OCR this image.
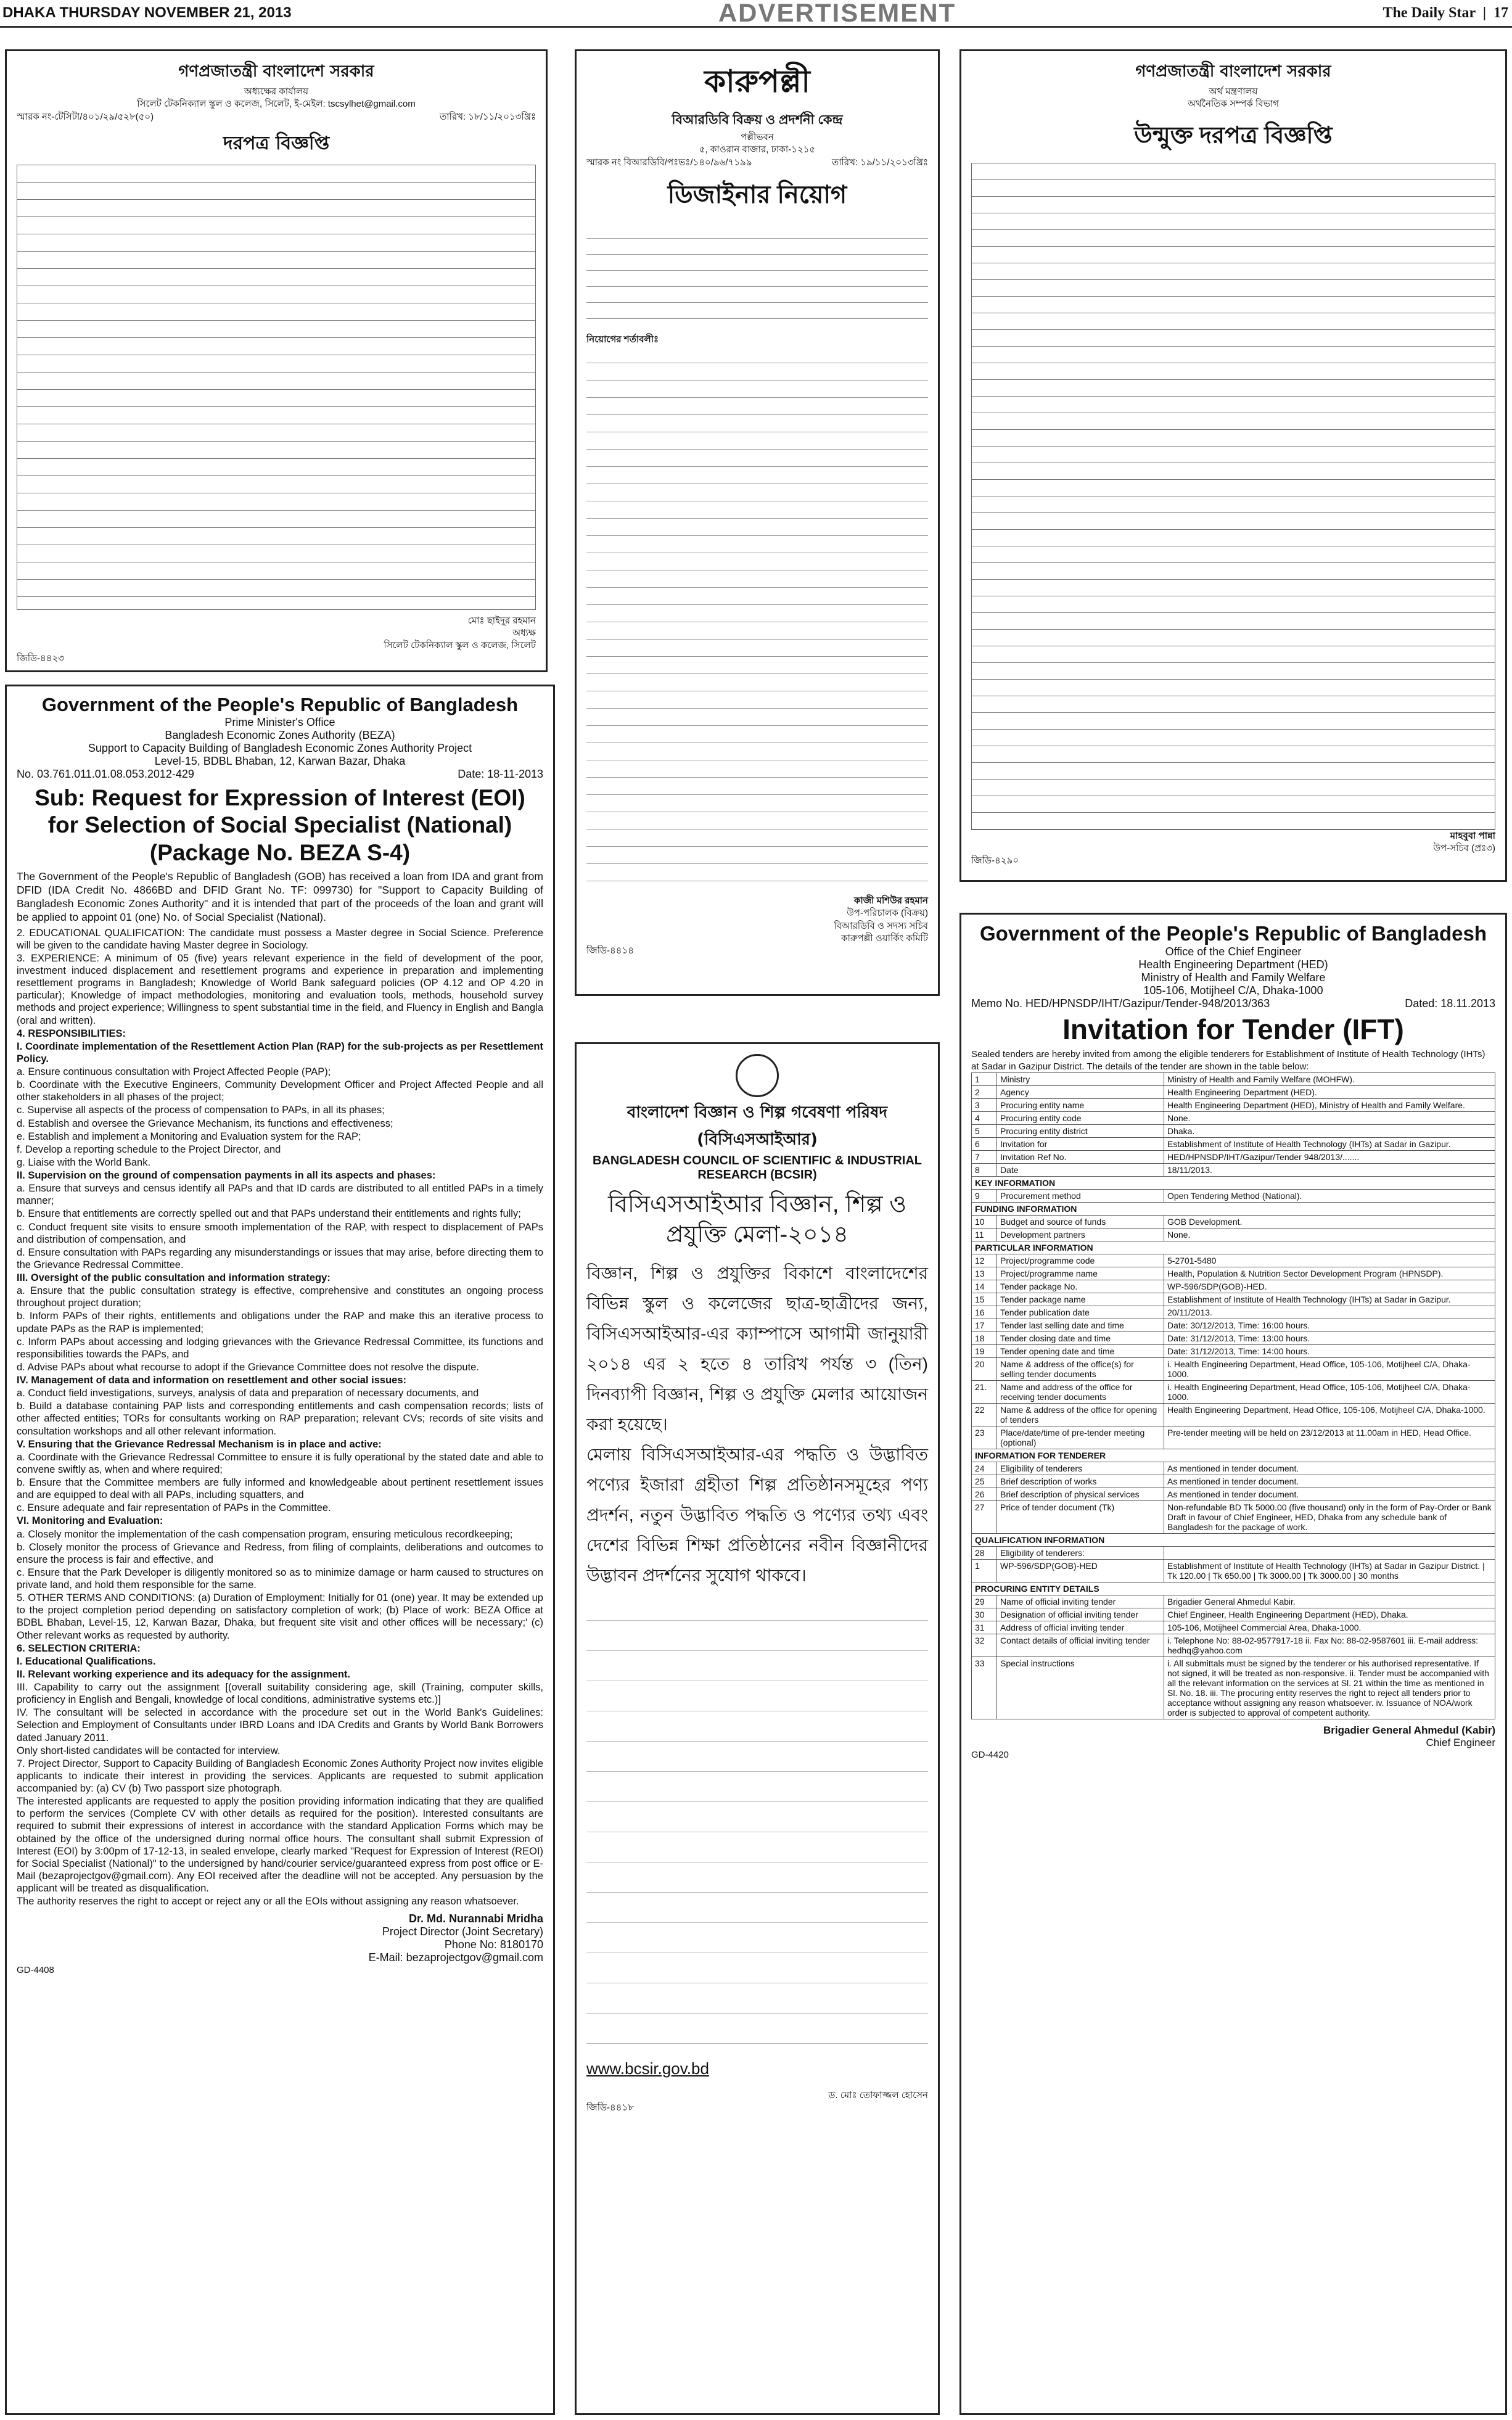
DHAKA THURSDAY NOVEMBER 21, 2013	ADVERTISEMENT	The Daily Star  |  17
গণপ্রজাতন্ত্রী বাংলাদেশ সরকার
অধ্যক্ষের কার্যালয়
সিলেট টেকনিক্যাল স্কুল ও কলেজ, সিলেট, ই-মেইল: tscsylhet@gmail.com
স্মারক নং-টেসিটা/৪০১/২৯/৫২৮(৫০)	তারিখ: ১৮/১১/২০১৩খ্রিঃ
দরপত্র বিজ্ঞপ্তি
মোঃ ছাইদুর রহমান
অধ্যক্ষ
সিলেট টেকনিক্যাল স্কুল ও কলেজ, সিলেট
জিডি-৪৪২৩
কারুপল্লী
বিআরডিবি বিক্রয় ও প্রদর্শনী কেন্দ্র
পল্লীভবন
৫, কাওরান বাজার, ঢাকা-১২১৫
স্মারক নং বিআরডিবি/পঃভঃ/১৪০/৯৬/৭১৯৯	তারিখ: ১৯/১১/২০১৩খ্রিঃ
ডিজাইনার নিয়োগ
নিয়োগের শর্তাবলীঃ
কাজী মশিউর রহমান
উপ-পরিচালক (বিক্রয়)
বিআরডিবি ও সদস্য সচিব
কারুপল্লী ওয়ার্কিং কমিটি
জিডি-৪৪১৪
গণপ্রজাতন্ত্রী বাংলাদেশ সরকার
অর্থ মন্ত্রণালয়
অর্থনৈতিক সম্পর্ক বিভাগ
উন্মুক্ত দরপত্র বিজ্ঞপ্তি
মাহবুবা পান্না
উপ-সচিব (প্রঃ৩)
জিডি-৪২৯০
Government of the People's Republic of Bangladesh
Prime Minister's Office
Bangladesh Economic Zones Authority (BEZA)
Support to Capacity Building of Bangladesh Economic Zones Authority Project
Level-15, BDBL Bhaban, 12, Karwan Bazar, Dhaka
No. 03.761.011.01.08.053.2012-429	Date: 18-11-2013
Sub: Request for Expression of Interest (EOI) for Selection of Social Specialist (National) (Package No. BEZA S-4)
The Government of the People's Republic of Bangladesh (GOB) has received a loan from IDA and grant from DFID (IDA Credit No. 4866BD and DFID Grant No. TF: 099730) for "Support to Capacity Building of Bangladesh Economic Zones Authority" and it is intended that part of the proceeds of the loan and grant will be applied to appoint 01 (one) No. of Social Specialist (National).
2. EDUCATIONAL QUALIFICATION: The candidate must possess a Master degree in Social Science. Preference will be given to the candidate having Master degree in Sociology.
3. EXPERIENCE: A minimum of 05 (five) years relevant experience in the field of development of the poor, investment induced displacement and resettlement programs and experience in preparation and implementing resettlement programs in Bangladesh; Knowledge of World Bank safeguard policies (OP 4.12 and OP 4.20 in particular); Knowledge of impact methodologies, monitoring and evaluation tools, methods, household survey methods and project experience; Willingness to spent substantial time in the field, and Fluency in English and Bangla (oral and written).
4. RESPONSIBILITIES:
I. Coordinate implementation of the Resettlement Action Plan (RAP) for the sub-projects as per Resettlement Policy.
a. Ensure continuous consultation with Project Affected People (PAP);
b. Coordinate with the Executive Engineers, Community Development Officer and Project Affected People and all other stakeholders in all phases of the project;
c. Supervise all aspects of the process of compensation to PAPs, in all its phases;
d. Establish and oversee the Grievance Mechanism, its functions and effectiveness;
e. Establish and implement a Monitoring and Evaluation system for the RAP;
f. Develop a reporting schedule to the Project Director, and
g. Liaise with the World Bank.
II. Supervision on the ground of compensation payments in all its aspects and phases:
a. Ensure that surveys and census identify all PAPs and that ID cards are distributed to all entitled PAPs in a timely manner;
b. Ensure that entitlements are correctly spelled out and that PAPs understand their entitlements and rights fully;
c. Conduct frequent site visits to ensure smooth implementation of the RAP, with respect to displacement of PAPs and distribution of compensation, and
d. Ensure consultation with PAPs regarding any misunderstandings or issues that may arise, before directing them to the Grievance Redressal Committee.
III. Oversight of the public consultation and information strategy:
a. Ensure that the public consultation strategy is effective, comprehensive and constitutes an ongoing process throughout project duration;
b. Inform PAPs of their rights, entitlements and obligations under the RAP and make this an iterative process to update PAPs as the RAP is implemented;
c. Inform PAPs about accessing and lodging grievances with the Grievance Redressal Committee, its functions and responsibilities towards the PAPs, and
d. Advise PAPs about what recourse to adopt if the Grievance Committee does not resolve the dispute.
IV. Management of data and information on resettlement and other social issues:
a. Conduct field investigations, surveys, analysis of data and preparation of necessary documents, and
b. Build a database containing PAP lists and corresponding entitlements and cash compensation records; lists of other affected entities; TORs for consultants working on RAP preparation; relevant CVs; records of site visits and consultation workshops and all other relevant information.
V. Ensuring that the Grievance Redressal Mechanism is in place and active:
a. Coordinate with the Grievance Redressal Committee to ensure it is fully operational by the stated date and able to convene swiftly as, when and where required;
b. Ensure that the Committee members are fully informed and knowledgeable about pertinent resettlement issues and are equipped to deal with all PAPs, including squatters, and
c. Ensure adequate and fair representation of PAPs in the Committee.
VI. Monitoring and Evaluation:
a. Closely monitor the implementation of the cash compensation program, ensuring meticulous recordkeeping;
b. Closely monitor the process of Grievance and Redress, from filing of complaints, deliberations and outcomes to ensure the process is fair and effective, and
c. Ensure that the Park Developer is diligently monitored so as to minimize damage or harm caused to structures on private land, and hold them responsible for the same.
5. OTHER TERMS AND CONDITIONS: (a) Duration of Employment: Initially for 01 (one) year. It may be extended up to the project completion period depending on satisfactory completion of work; (b) Place of work: BEZA Office at BDBL Bhaban, Level-15, 12, Karwan Bazar, Dhaka, but frequent site visit and other offices will be necessary;' (c) Other relevant works as requested by authority.
6. SELECTION CRITERIA:
I. Educational Qualifications.
II. Relevant working experience and its adequacy for the assignment.
III. Capability to carry out the assignment [(overall suitability considering age, skill (Training, computer skills, proficiency in English and Bengali, knowledge of local conditions, administrative systems etc.)]
IV. The consultant will be selected in accordance with the procedure set out in the World Bank's Guidelines: Selection and Employment of Consultants under IBRD Loans and IDA Credits and Grants by World Bank Borrowers dated January 2011.
Only short-listed candidates will be contacted for interview.
7. Project Director, Support to Capacity Building of Bangladesh Economic Zones Authority Project now invites eligible applicants to indicate their interest in providing the services. Applicants are requested to submit application accompanied by: (a) CV (b) Two passport size photograph.
The interested applicants are requested to apply the position providing information indicating that they are qualified to perform the services (Complete CV with other details as required for the position). Interested consultants are required to submit their expressions of interest in accordance with the standard Application Forms which may be obtained by the office of the undersigned during normal office hours. The consultant shall submit Expression of Interest (EOI) by 3:00pm of 17-12-13, in sealed envelope, clearly marked "Request for Expression of Interest (REOI) for Social Specialist (National)" to the undersigned by hand/courier service/guaranteed express from post office or E-Mail (bezaprojectgov@gmail.com). Any EOI received after the deadline will not be accepted. Any persuasion by the applicant will be treated as disqualification.
The authority reserves the right to accept or reject any or all the EOIs without assigning any reason whatsoever.
Dr. Md. Nurannabi Mridha
Project Director (Joint Secretary)
Phone No: 8180170
E-Mail: bezaprojectgov@gmail.com
GD-4408
বাংলাদেশ বিজ্ঞান ও শিল্প গবেষণা পরিষদ
(বিসিএসআইআর)
BANGLADESH COUNCIL OF SCIENTIFIC & INDUSTRIAL RESEARCH (BCSIR)
বিসিএসআইআর বিজ্ঞান, শিল্প ও প্রযুক্তি মেলা-২০১৪
বিজ্ঞান, শিল্প ও প্রযুক্তির বিকাশে বাংলাদেশের বিভিন্ন স্কুল ও কলেজের ছাত্র-ছাত্রীদের জন্য, বিসিএসআইআর-এর ক্যাম্পাসে আগামী জানুয়ারী ২০১৪ এর ২ হতে ৪ তারিখ পর্যন্ত ৩ (তিন) দিনব্যাপী বিজ্ঞান, শিল্প ও প্রযুক্তি মেলার আয়োজন করা হয়েছে।
মেলায় বিসিএসআইআর-এর পদ্ধতি ও উদ্ভাবিত পণ্যের ইজারা গ্রহীতা শিল্প প্রতিষ্ঠানসমূহের পণ্য প্রদর্শন, নতুন উদ্ভাবিত পদ্ধতি ও পণ্যের তথ্য এবং দেশের বিভিন্ন শিক্ষা প্রতিষ্ঠানের নবীন বিজ্ঞানীদের উদ্ভাবন প্রদর্শনের সুযোগ থাকবে।
www.bcsir.gov.bd
ড. মোঃ তোফাজ্জল হোসেন
জিডি-৪৪১৮
Government of the People's Republic of Bangladesh
Office of the Chief Engineer
Health Engineering Department (HED)
Ministry of Health and Family Welfare
105-106, Motijheel C/A, Dhaka-1000
Memo No. HED/HPNSDP/IHT/Gazipur/Tender-948/2013/363	Dated: 18.11.2013
Invitation for Tender (IFT)
Sealed tenders are hereby invited from among the eligible tenderers for Establishment of Institute of Health Technology (IHTs) at Sadar in Gazipur District. The details of the tender are shown in the table below:
1	Ministry	Ministry of Health and Family Welfare (MOHFW).
2	Agency	Health Engineering Department (HED).
3	Procuring entity name	Health Engineering Department (HED), Ministry of Health and Family Welfare.
4	Procuring entity code	None.
5	Procuring entity district	Dhaka.
6	Invitation for	Establishment of Institute of Health Technology (IHTs) at Sadar in Gazipur.
7	Invitation Ref No.	HED/HPNSDP/IHT/Gazipur/Tender 948/2013/.......
8	Date	18/11/2013.
KEY INFORMATION		
9	Procurement method	Open Tendering Method (National).
FUNDING INFORMATION		
10	Budget and source of funds	GOB Development.
11	Development partners	None.
PARTICULAR INFORMATION		
12	Project/programme code	5-2701-5480
13	Project/programme name	Health, Population & Nutrition Sector Development Program (HPNSDP).
14	Tender package No.	WP-596/SDP(GOB)-HED.
15	Tender package name	Establishment of Institute of Health Technology (IHTs) at Sadar in Gazipur.
16	Tender publication date	20/11/2013.
17	Tender last selling date and time	Date: 30/12/2013, Time: 16:00 hours.
18	Tender closing date and time	Date: 31/12/2013, Time: 13:00 hours.
19	Tender opening date and time	Date: 31/12/2013, Time: 14:00 hours.
20	Name & address of the office(s) for selling tender documents	i. Health Engineering Department, Head Office, 105-106, Motijheel C/A, Dhaka-1000.
21.	Name and address of the office for receiving tender documents	i. Health Engineering Department, Head Office, 105-106, Motijheel C/A, Dhaka-1000.
22	Name & address of the office for opening of tenders	Health Engineering Department, Head Office, 105-106, Motijheel C/A, Dhaka-1000.
23	Place/date/time of pre-tender meeting (optional)	Pre-tender meeting will be held on 23/12/2013 at 11.00am in HED, Head Office.
INFORMATION FOR TENDERER		
24	Eligibility of tenderers	As mentioned in tender document.
25	Brief description of works	As mentioned in tender document.
26	Brief description of physical services	As mentioned in tender document.
27	Price of tender document (Tk)	Non-refundable BD Tk 5000.00 (five thousand) only in the form of Pay-Order or Bank Draft in favour of Chief Engineer, HED, Dhaka from any schedule bank of Bangladesh for the package of work.
QUALIFICATION INFORMATION		
28	Eligibility of tenderers:	
1	WP-596/SDP(GOB)-HED	Establishment of Institute of Health Technology (IHTs) at Sadar in Gazipur District. | Tk 120.00 | Tk 650.00 | Tk 3000.00 | Tk 3000.00 | 30 months
PROCURING ENTITY DETAILS		
29	Name of official inviting tender	Brigadier General Ahmedul Kabir.
30	Designation of official inviting tender	Chief Engineer, Health Engineering Department (HED), Dhaka.
31	Address of official inviting tender	105-106, Motijheel Commercial Area, Dhaka-1000.
32	Contact details of official inviting tender	i. Telephone No: 88-02-9577917-18 ii. Fax No: 88-02-9587601 iii. E-mail address: hedhq@yahoo.com
33	Special instructions	i. All submittals must be signed by the tenderer or his authorised representative. If not signed, it will be treated as non-responsive. ii. Tender must be accompanied with all the relevant information on the services at Sl. 21 within the time as mentioned in Sl. No. 18. iii. The procuring entity reserves the right to reject all tenders prior to acceptance without assigning any reason whatsoever. iv. Issuance of NOA/work order is subjected to approval of competent authority.
Brigadier General Ahmedul (Kabir)
Chief Engineer
GD-4420
